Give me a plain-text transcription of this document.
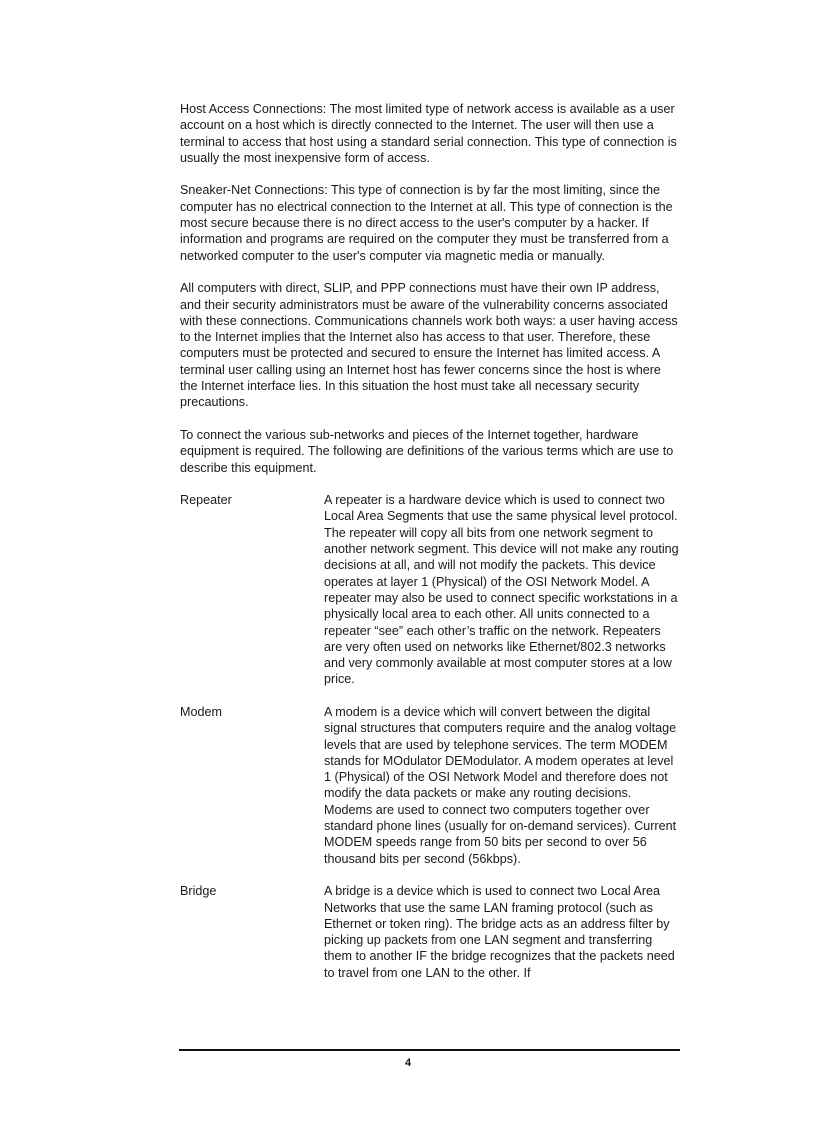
Host Access Connections: The most limited type of network access is available as a user account on a host which is directly connected to the Internet. The user will then use a terminal to access that host using a standard serial connection. This type of connection is usually the most inexpensive form of access.

Sneaker-Net Connections: This type of connection is by far the most limiting, since the computer has no electrical connection to the Internet at all. This type of connection is the most secure because there is no direct access to the user's computer by a hacker. If information and programs are required on the computer they must be transferred from a networked computer to the user's computer via magnetic media or manually.

All computers with direct, SLIP, and PPP connections must have their own IP address, and their security administrators must be aware of the vulnerability concerns associated with these connections. Communications channels work both ways: a user having access to the Internet implies that the Internet also has access to that user. Therefore, these computers must be protected and secured to ensure the Internet has limited access. A terminal user calling using an Internet host has fewer concerns since the host is where the Internet interface lies. In this situation the host must take all necessary security precautions.

To connect the various sub-networks and pieces of the Internet together, hardware equipment is required. The following are definitions of the various terms which are use to describe this equipment.

Repeater	A repeater is a hardware device which is used to connect two Local Area Segments that use the same physical level protocol. The repeater will copy all bits from one network segment to another network segment. This device will not make any routing decisions at all, and will not modify the packets. This device operates at layer 1 (Physical) of the OSI Network Model. A repeater may also be used to connect specific workstations in a physically local area to each other. All units connected to a repeater “see” each other’s traffic on the network. Repeaters are very often used on networks like Ethernet/802.3 networks and very commonly available at most computer stores at a low price.
Modem	A modem is a device which will convert between the digital signal structures that computers require and the analog voltage levels that are used by telephone services. The term MODEM stands for MOdulator DEModulator. A modem operates at level 1 (Physical) of the OSI Network Model and therefore does not modify the data packets or make any routing decisions. Modems are used to connect two computers together over standard phone lines (usually for on-demand services). Current MODEM speeds range from 50 bits per second to over 56 thousand bits per second (56kbps).
Bridge	A bridge is a device which is used to connect two Local Area Networks that use the same LAN framing protocol (such as Ethernet or token ring). The bridge acts as an address filter by picking up packets from one LAN segment and transferring them to another IF the bridge recognizes that the packets need to travel from one LAN to the other. If
4
